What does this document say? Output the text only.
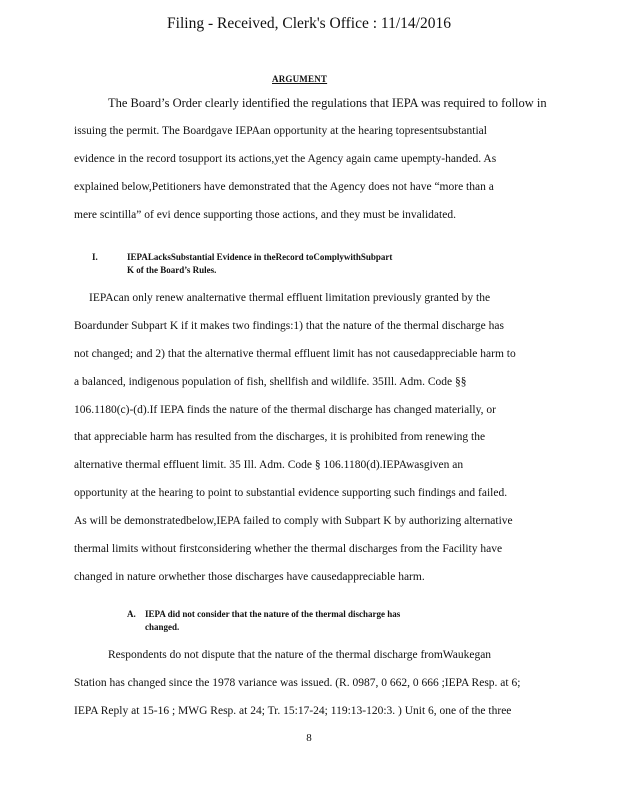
Filing - Received, Clerk's Office : 11/14/2016
ARGUMENT
The Board’s Order clearly identified the regulations that IEPA was required to follow in
issuing the permit. The Boardgave IEPAan opportunity at the hearing topresentsubstantial
evidence in the record tosupport its actions,yet the Agency again came upempty-handed. As
explained below,Petitioners have demonstrated that the Agency does not have “more than a
mere scintilla” of evi dence supporting those actions, and they must be invalidated.
I.	IEPALacksSubstantial Evidence in theRecord toComplywithSubpart
K of the Board’s Rules.
IEPAcan only renew analternative thermal effluent limitation previously granted by the
Boardunder Subpart K if it makes two findings:1) that the nature of the thermal discharge has
not changed; and 2) that the alternative thermal effluent limit has not causedappreciable harm to
a balanced, indigenous population of fish, shellfish and wildlife. 35Ill. Adm. Code §§
106.1180(c)-(d).If IEPA finds the nature of the thermal discharge has changed materially, or
that appreciable harm has resulted from the discharges, it is prohibited from renewing the
alternative thermal effluent limit. 35 Ill. Adm. Code § 106.1180(d).IEPAwasgiven an
opportunity at the hearing to point to substantial evidence supporting such findings and failed.
As will be demonstratedbelow,IEPA failed to comply with Subpart K by authorizing alternative
thermal limits without firstconsidering whether the thermal discharges from the Facility have
changed in nature orwhether those discharges have causedappreciable harm.
A. IEPA did not consider that the nature of the thermal discharge has
changed.
Respondents do not dispute that the nature of the thermal discharge fromWaukegan
Station has changed since the 1978 variance was issued. (R. 0987, 0 662, 0 666 ;IEPA Resp. at 6;
IEPA Reply at 15-16 ; MWG Resp. at 24; Tr. 15:17-24; 119:13-120:3. ) Unit 6, one of the three
8
